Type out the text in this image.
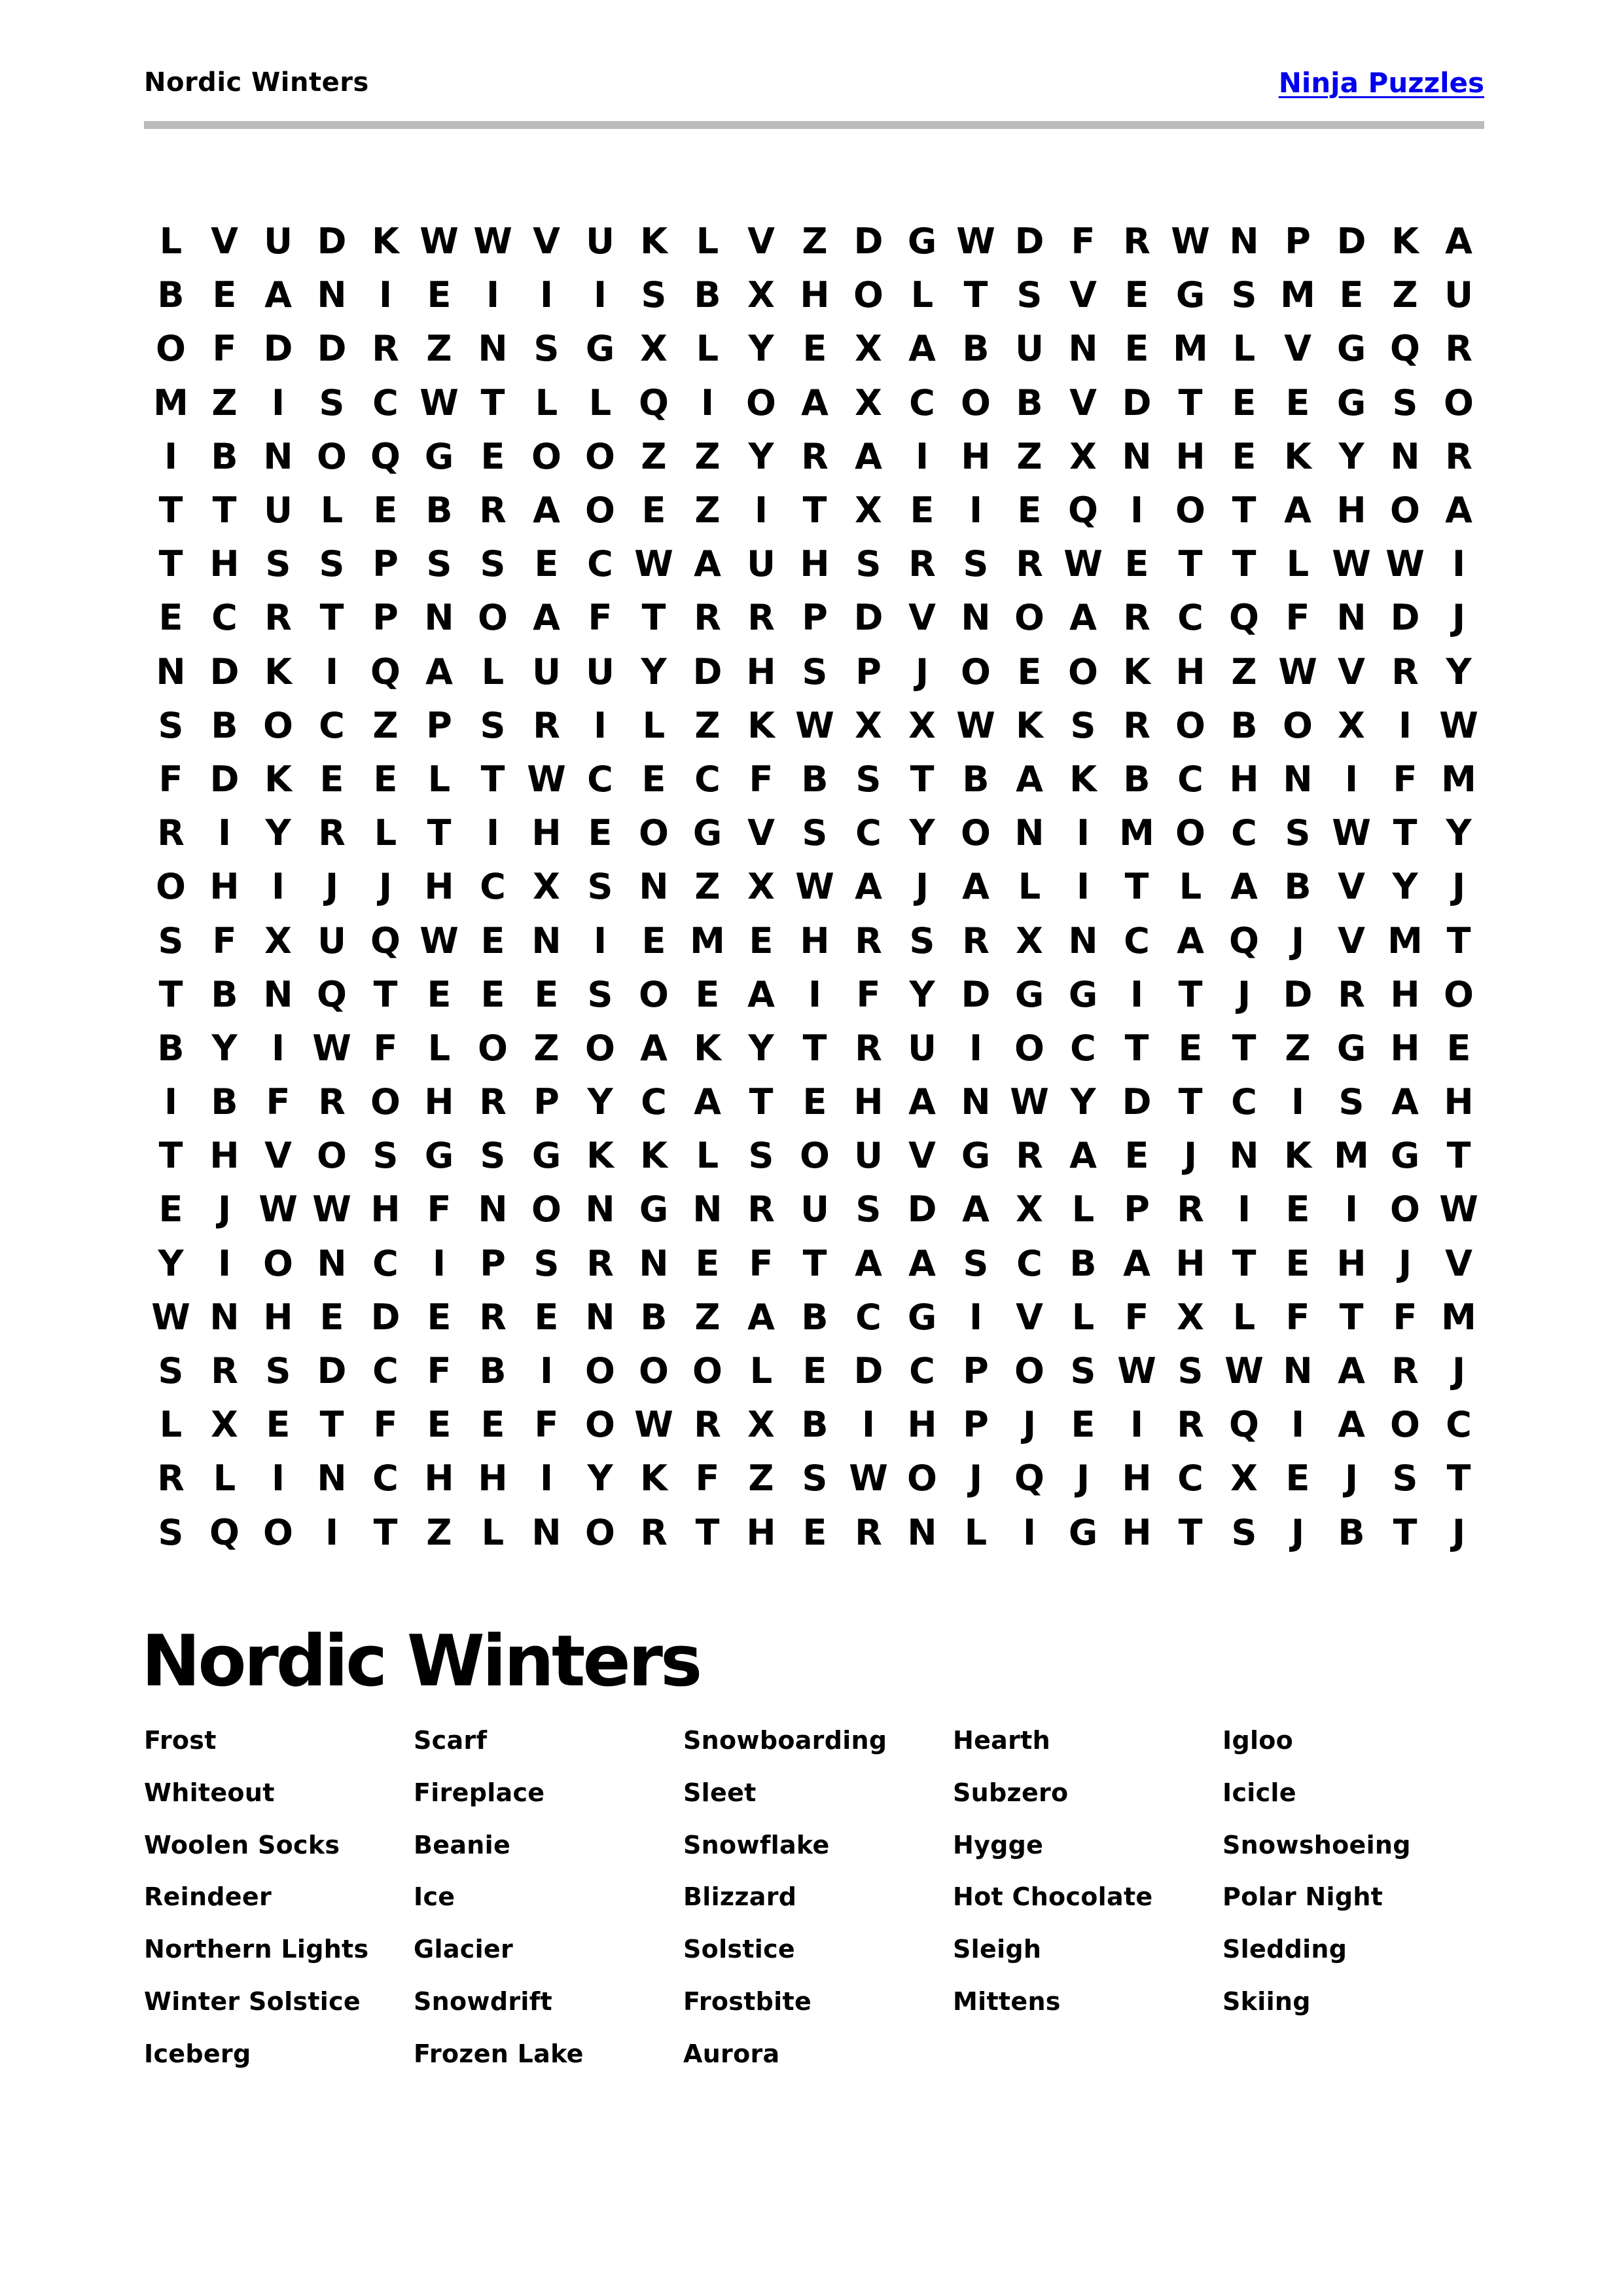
Nordic Winters	Ninja Puzzles
L V U D K W W V U K L V Z D G W D F R W N P D K A
B E A N I E I	I	I S B X H O L T S V E G S M E Z U
O F D D R Z N S G X L Y E X A B U N E M L V G Q R
M Z I S C W T L L Q I O A X C O B V D T E E G S O
I B N O Q G E O O Z Z Y R A I H Z X N H E K Y N R
T T U L E B R A O E Z I T X E I E Q I O T A H O A
T H S S P S S E C W A U H S R S R W E T T L W W I
E C R T P N O A F T R R P D V N O A R C Q F N D J
N D K I Q A L U U Y D H S P J O E O K H Z W V R Y
S B O C Z P S R I	L Z K W X X W K S R O B O X I W
F D K E E L T W C E C F B S T B A K B C H N I F M
R I Y R L T I H E O G V S C Y O N I M O C S W T Y
O H I	J	J H C X S N Z X W A J A L	I T L A B V Y J
S F X U Q W E N I E M E H R S R X N C A Q J V M T
T B N Q T E E E S O E A I F Y D G G I T J D R H O
B Y I W F L O Z O A K Y T R U I O C T E T Z G H E
I B F R O H R P Y C A T E H A N W Y D T C I S A H
T H V O S G S G K K L S O U V G R A E J N K M G T
E J W W H F N O N G N R U S D A X L P R I E I O W
Y I O N C I P S R N E F T A A S C B A H T E H J V
W N H E D E R E N B Z A B C G I V L F X L F T F M
S R S D C F B I O O O L E D C P O S W S W N A R J
L X E T F E E F O W R X B I H P J E I R Q I A O C
R L	I N C H H I Y K F Z S W O J Q J H C X E J S T
S Q O I T Z L N O R T H E R N L	I G H T S J B T J
Nordic Winters
Frost	Scarf	Snowboarding	Hearth	Igloo
Whiteout	Fireplace	Sleet	Subzero	Icicle
Woolen Socks	Beanie	Snowflake	Hygge	Snowshoeing
Reindeer	Ice	Blizzard	Hot Chocolate	Polar Night
Northern Lights	Glacier	Solstice	Sleigh	Sledding
Winter Solstice	Snowdrift	Frostbite	Mittens	Skiing
Iceberg	Frozen Lake	Aurora
